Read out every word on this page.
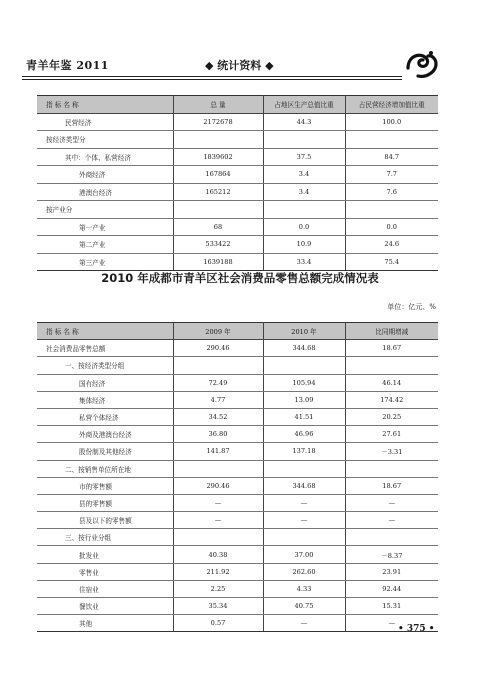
青羊年鉴 2011	◆ 统计资料 ◆
指 标 名 称	总 量	占地区生产总值比重	占民营经济增加值比重
民营经济	2172678	44.3	100.0
按经济类型分			
其中：个体、私营经济	1839602	37.5	84.7
外商经济	167864	3.4	7.7
港澳台经济	165212	3.4	7.6
按产业分			
第一产业	68	0.0	0.0
第二产业	533422	10.9	24.6
第三产业	1639188	33.4	75.4
2010 年成都市青羊区社会消费品零售总额完成情况表
单位：亿元、%
指 标 名 称	2009 年	2010 年	比同期增减
社会消费品零售总额	290.46	344.68	18.67
一、按经济类型分组			
国有经济	72.49	105.94	46.14
集体经济	4.77	13.09	174.42
私营个体经济	34.52	41.51	20.25
外商及港澳台经济	36.80	46.96	27.61
股份制及其他经济	141.87	137.18	－3.31
二、按销售单位所在地			
市的零售额	290.46	344.68	18.67
县的零售额	—	—	—
县及以下的零售额	—	—	—
三、按行业分组			
批发业	40.38	37.00	－8.37
零售业	211.92	262.60	23.91
住宿业	2.25	4.33	92.44
餐饮业	35.34	40.75	15.31
其他	0.57	—	—
• 375 •
